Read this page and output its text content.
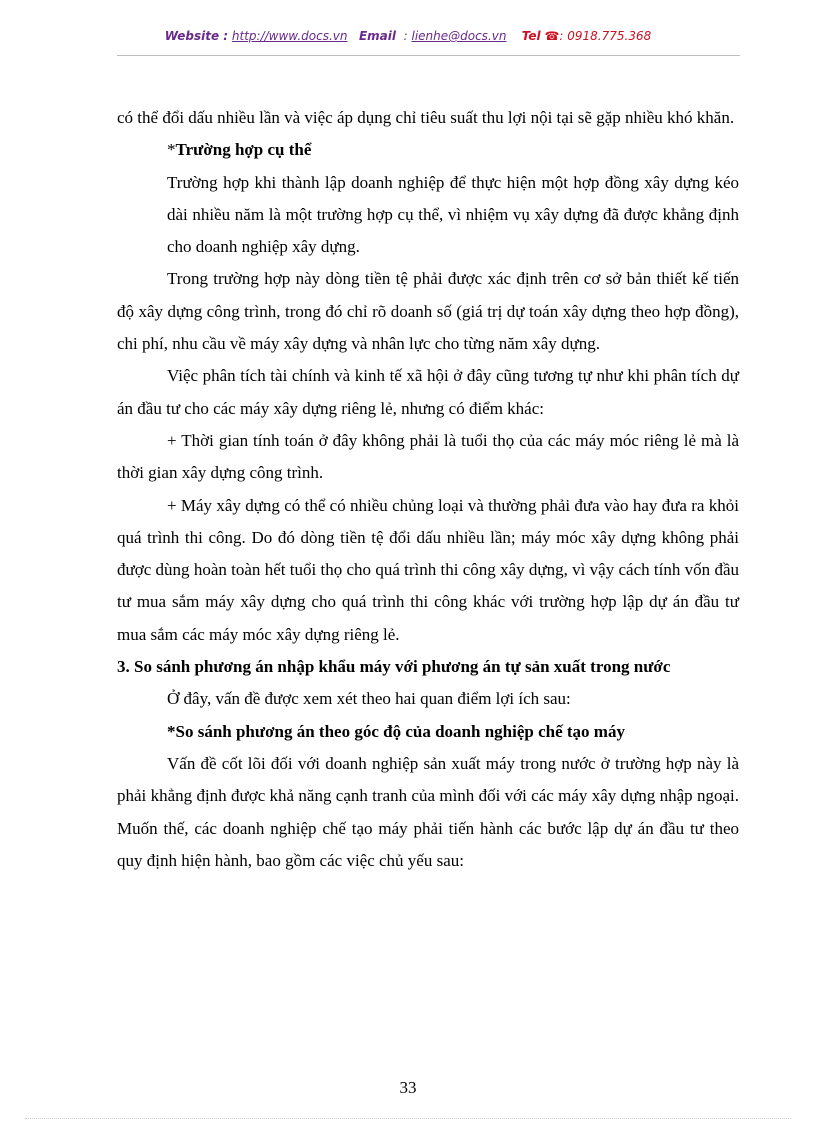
Website : http://www.docs.vn Email : lienhe@docs.vn Tel ☎: 0918.775.368

có thể đổi dấu nhiều lần và việc áp dụng chỉ tiêu suất thu lợi nội tại sẽ gặp nhiều khó khăn.

*Trường hợp cụ thể

Trường hợp khi thành lập doanh nghiệp để thực hiện một hợp đồng xây dựng kéo dài nhiều năm là một trường hợp cụ thể, vì nhiệm vụ xây dựng đã được khẳng định cho doanh nghiệp xây dựng.

Trong trường hợp này dòng tiền tệ phải được xác định trên cơ sở bản thiết kế tiến độ xây dựng công trình, trong đó chỉ rõ doanh số (giá trị dự toán xây dựng theo hợp đồng), chi phí, nhu cầu về máy xây dựng và nhân lực cho từng năm xây dựng.

Việc phân tích tài chính và kinh tế xã hội ở đây cũng tương tự như khi phân tích dự án đầu tư cho các máy xây dựng riêng lẻ, nhưng có điểm khác:

+ Thời gian tính toán ở đây không phải là tuổi thọ của các máy móc riêng lẻ mà là thời gian xây dựng công trình.

+ Máy xây dựng có thể có nhiều chủng loại và thường phải đưa vào hay đưa ra khỏi quá trình thi công. Do đó dòng tiền tệ đổi dấu nhiều lần; máy móc xây dựng không phải được dùng hoàn toàn hết tuổi thọ cho quá trình thi công xây dựng, vì vậy cách tính vốn đầu tư mua sắm máy xây dựng cho quá trình thi công khác với trường hợp lập dự án đầu tư mua sắm các máy móc xây dựng riêng lẻ.

3. So sánh phương án nhập khẩu máy với phương án tự sản xuất trong nước

Ở đây, vấn đề được xem xét theo hai quan điểm lợi ích sau:

*So sánh phương án theo góc độ của doanh nghiệp chế tạo máy

Vấn đề cốt lõi đối với doanh nghiệp sản xuất máy trong nước ở trường hợp này là phải khẳng định được khả năng cạnh tranh của mình đối với các máy xây dựng nhập ngoại. Muốn thế, các doanh nghiệp chế tạo máy phải tiến hành các bước lập dự án đầu tư theo quy định hiện hành, bao gồm các việc chủ yếu sau:

33
